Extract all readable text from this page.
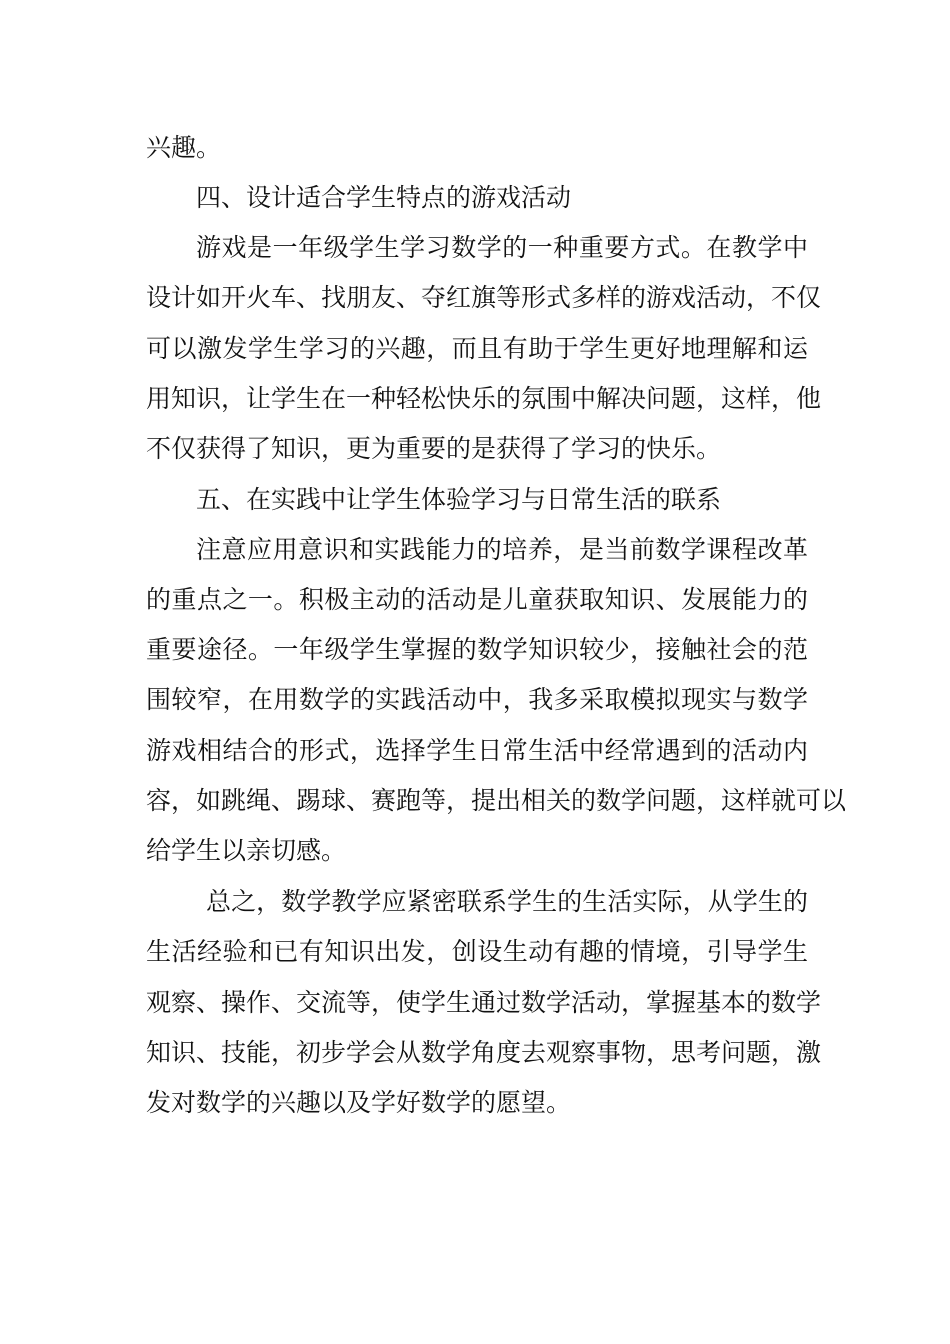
兴趣。
四、设计适合学生特点的游戏活动
游戏是一年级学生学习数学的一种重要方式。在教学中
设计如开火车、找朋友、夺红旗等形式多样的游戏活动，不仅
可以激发学生学习的兴趣，而且有助于学生更好地理解和运
用知识，让学生在一种轻松快乐的氛围中解决问题，这样，他
不仅获得了知识，更为重要的是获得了学习的快乐。
五、在实践中让学生体验学习与日常生活的联系
注意应用意识和实践能力的培养，是当前数学课程改革
的重点之一。积极主动的活动是儿童获取知识、发展能力的
重要途径。一年级学生掌握的数学知识较少，接触社会的范
围较窄，在用数学的实践活动中，我多采取模拟现实与数学
游戏相结合的形式，选择学生日常生活中经常遇到的活动内
容，如跳绳、踢球、赛跑等，提出相关的数学问题，这样就可以
给学生以亲切感。
总之，数学教学应紧密联系学生的生活实际，从学生的
生活经验和已有知识出发，创设生动有趣的情境，引导学生
观察、操作、交流等，使学生通过数学活动，掌握基本的数学
知识、技能，初步学会从数学角度去观察事物，思考问题，激
发对数学的兴趣以及学好数学的愿望。
